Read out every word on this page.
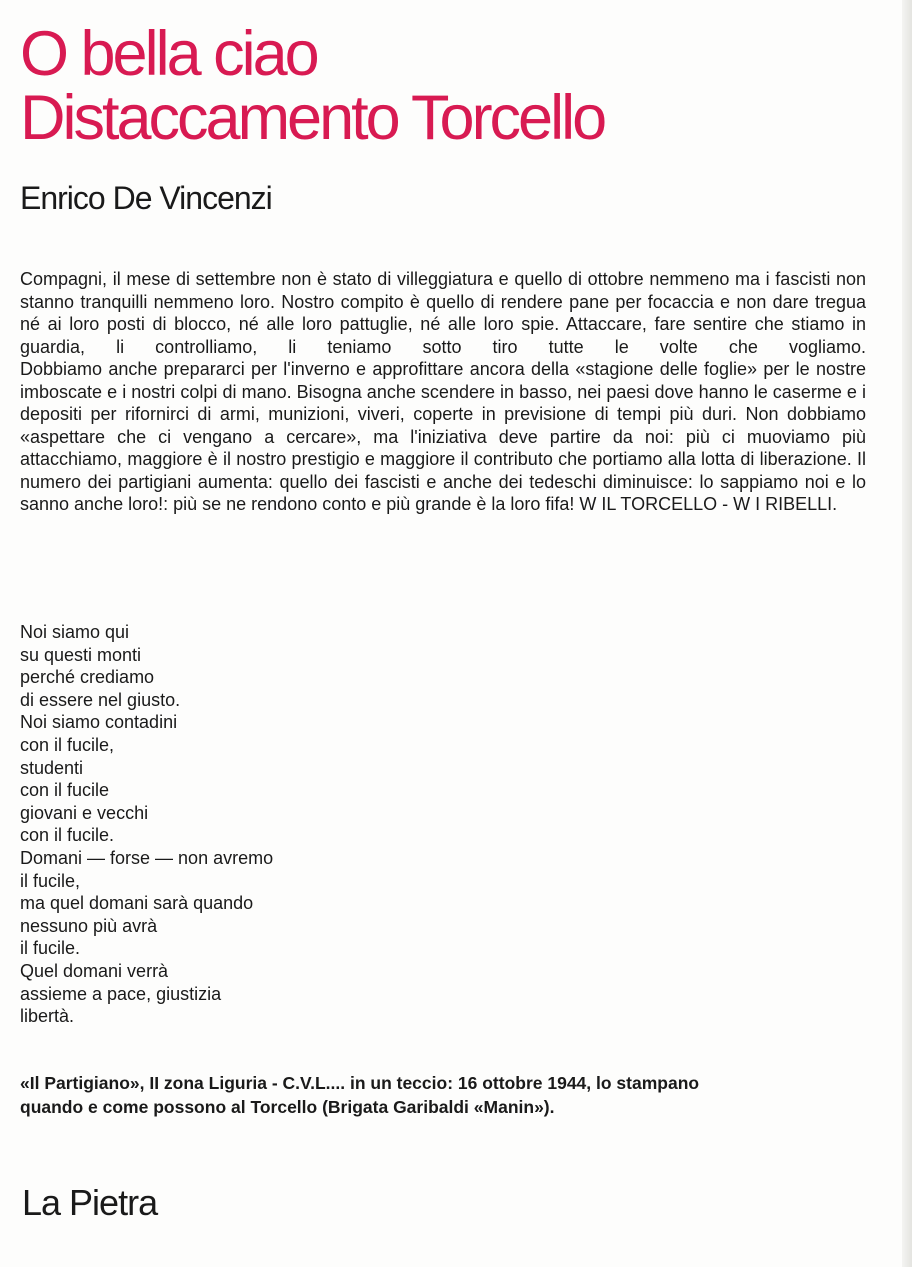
O bella ciao
Distaccamento Torcello
Enrico De Vincenzi

Compagni, il mese di settembre non è stato di villeggiatura e quello di ottobre nemmeno ma i fascisti non stanno tranquilli nemmeno loro. Nostro compito è quello di rendere pane per focaccia e non dare tregua né ai loro posti di blocco, né alle loro pattuglie, né alle loro spie. Attaccare, fare sentire che stiamo in guardia, li controlliamo, li teniamo sotto tiro tutte le volte che vogliamo.

Dobbiamo anche prepararci per l'inverno e approfittare ancora della «stagione delle foglie» per le nostre imboscate e i nostri colpi di mano. Bisogna anche scendere in basso, nei paesi dove hanno le caserme e i depositi per rifornirci di armi, munizioni, viveri, coperte in previsione di tempi più duri. Non dobbiamo «aspettare che ci vengano a cercare», ma l'iniziativa deve partire da noi: più ci muoviamo più attacchiamo, maggiore è il nostro prestigio e maggiore il contributo che portiamo alla lotta di liberazione. Il numero dei partigiani aumenta: quello dei fascisti e anche dei tedeschi diminuisce: lo sappiamo noi e lo sanno anche loro!: più se ne rendono conto e più grande è la loro fifa! W IL TORCELLO - W I RIBELLI.

Noi siamo qui
su questi monti
perché crediamo
di essere nel giusto.
Noi siamo contadini
con il fucile,
studenti
con il fucile
giovani e vecchi
con il fucile.
Domani — forse — non avremo
il fucile,
ma quel domani sarà quando
nessuno più avrà
il fucile.
Quel domani verrà
assieme a pace, giustizia
libertà.
«Il Partigiano», II zona Liguria - C.V.L.... in un teccio: 16 ottobre 1944, lo stampano
quando e come possono al Torcello (Brigata Garibaldi «Manin»).
La Pietra
